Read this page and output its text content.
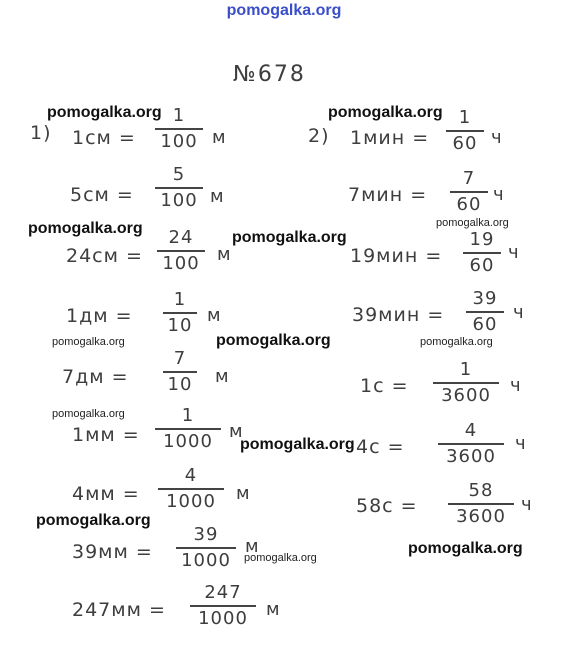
pomogalka.org
№678
1) 1см =
1
100 м
5см =
5
100 м
24см =
24
100 м
1дм =
1
10 м
7дм =
7
10 м
1мм =
1
1000 м
4мм =
4
1000 м
39мм =
39
1000
м
247мм =
247
1000 м
2) 1мин =
1
60 ч
7мин =
7
60 ч
19мин =
19
60
ч
39мин =
39
60
ч
1с =
1
3600 ч
4с =
4
3600
ч
58с =
58
3600
ч
pomogalka.org	pomogalka.org
pomogalka.org
pomogalka.org
pomogalka.org
pomogalka.org	pomogalka.org	pomogalka.org
pomogalka.org
pomogalka.org
pomogalka.org
pomogalka.org
pomogalka.org
